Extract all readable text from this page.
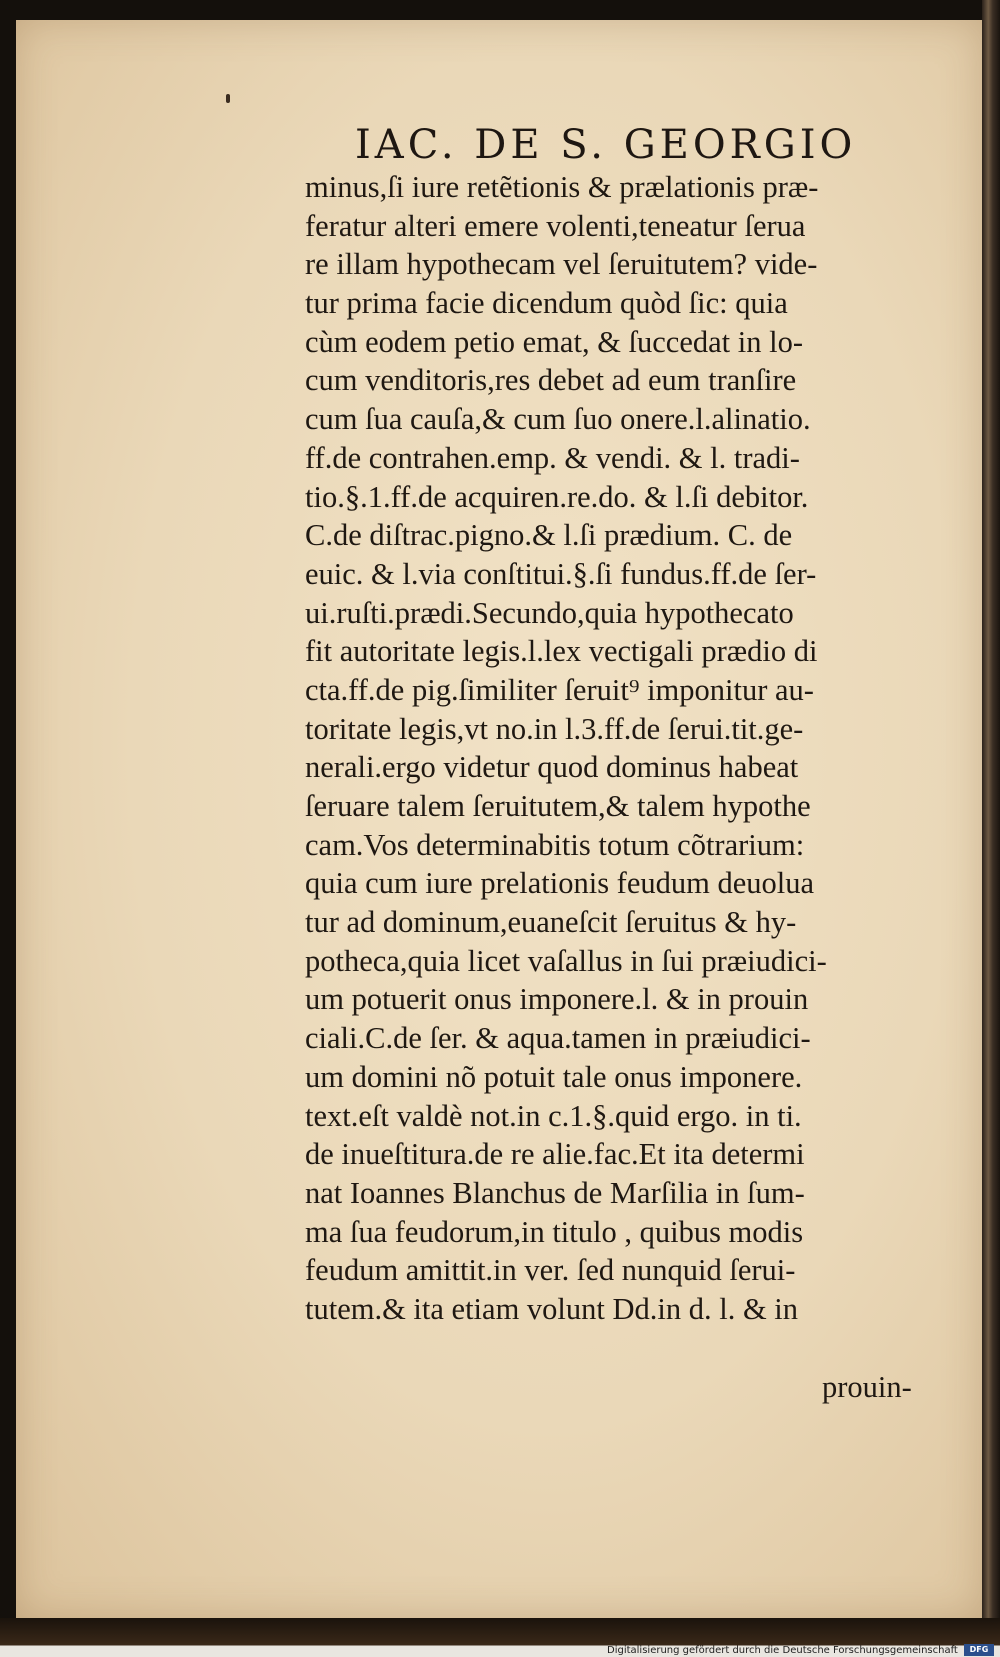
IAC. DE S. GEORGIO
minus,ſi iure retẽtionis & prælationis præ-
feratur alteri emere volenti,teneatur ſerua
re illam hypothecam vel ſeruitutem? vide-
tur prima facie dicendum quòd ſic: quia
cùm eodem petio emat, & ſuccedat in lo-
cum venditoris,res debet ad eum tranſire
cum ſua cauſa,& cum ſuo onere.l.alinatio.
ff.de contrahen.emp. & vendi. & l. tradi-
tio.§.1.ff.de acquiren.re.do. & l.ſi debitor.
C.de diſtrac.pigno.& l.ſi prædium. C. de
euic. & l.via conſtitui.§.ſi fundus.ff.de ſer-
ui.ruſti.prædi.Secundo,quia hypothecato
fit autoritate legis.l.lex vectigali prædio di
cta.ff.de pig.ſimiliter ſeruit⁹ imponitur au-
toritate legis,vt no.in l.3.ff.de ſerui.tit.ge-
nerali.ergo videtur quod dominus habeat
ſeruare talem ſeruitutem,& talem hypothe
cam.Vos determinabitis totum cõtrarium:
quia cum iure prelationis feudum deuolua
tur ad dominum,euaneſcit ſeruitus & hy-
potheca,quia licet vaſallus in ſui præiudici-
um potuerit onus imponere.l. & in prouin
ciali.C.de ſer. & aqua.tamen in præiudici-
um domini nõ potuit tale onus imponere.
text.eſt valdè not.in c.1.§.quid ergo. in ti.
de inueſtitura.de re alie.fac.Et ita determi
nat Ioannes Blanchus de Marſilia in ſum-
ma ſua feudorum,in titulo , quibus modis
feudum amittit.in ver. ſed nunquid ſerui-
tutem.& ita etiam volunt Dd.in d. l. & in
prouin-
Digitalisierung gefördert durch die Deutsche Forschungsgemeinschaft	DFG
